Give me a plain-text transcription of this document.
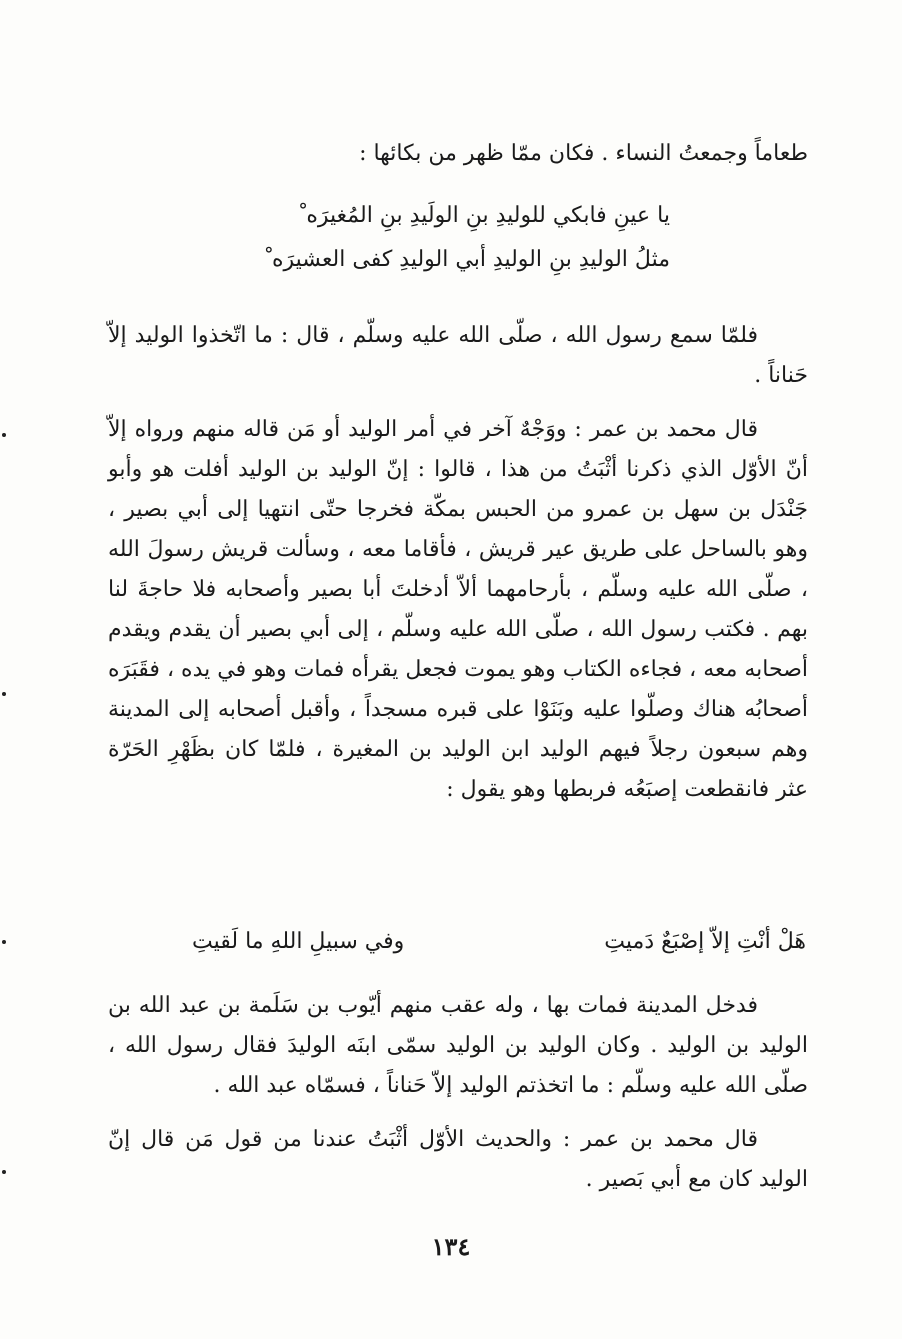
طعاماً وجمعتُ النساء . فكان ممّا ظهر من بكائها :

يا عينِ فابكي للوليدِ بنِ الولَيدِ بنِ المُغيرَه ْ
مثلُ الوليدِ بنِ الوليدِ أبي الوليدِ كفى العشيرَه ْ

فلمّا سمع رسول الله ، صلّى الله عليه وسلّم ، قال : ما اتّخذوا الوليد إلاّ حَناناً .

قال محمد بن عمر : ووَجْهٌ آخر في أمر الوليد أو مَن قاله منهم ورواه إلاّ أنّ الأوّل الذي ذكرنا أثْبَتُ من هذا ، قالوا : إنّ الوليد بن الوليد أفلت هو وأبو جَنْدَل بن سهل بن عمرو من الحبس بمكّة فخرجا حتّى انتهيا إلى أبي بصير ، وهو بالساحل على طريق عير قريش ، فأقاما معه ، وسألت قريش رسولَ الله ، صلّى الله عليه وسلّم ، بأرحامهما ألاّ أدخلتَ أبا بصير وأصحابه فلا حاجةَ لنا بهم . فكتب رسول الله ، صلّى الله عليه وسلّم ، إلى أبي بصير أن يقدم ويقدم أصحابه معه ، فجاءه الكتاب وهو يموت فجعل يقرأه فمات وهو في يده ، فقَبَرَه أصحابُه هناك وصلّوا عليه وبَنَوْا على قبره مسجداً ، وأقبل أصحابه إلى المدينة وهم سبعون رجلاً فيهم الوليد ابن الوليد بن المغيرة ، فلمّا كان بظَهْرِ الحَرّة عثر فانقطعت إصبَعُه فربطها وهو يقول :

هَلْ أنْتِ إلاّ إصْبَعٌ دَميتِ
وفي سبيلِ اللهِ ما لَقيتِ

فدخل المدينة فمات بها ، وله عقب منهم أيّوب بن سَلَمة بن عبد الله بن الوليد بن الوليد . وكان الوليد بن الوليد سمّى ابنَه الوليدَ فقال رسول الله ، صلّى الله عليه وسلّم : ما اتخذتم الوليد إلاّ حَناناً ، فسمّاه عبد الله .

قال محمد بن عمر : والحديث الأوّل أثْبَتُ عندنا من قول مَن قال إنّ الوليد كان مع أبي بَصير .

١٣٤
